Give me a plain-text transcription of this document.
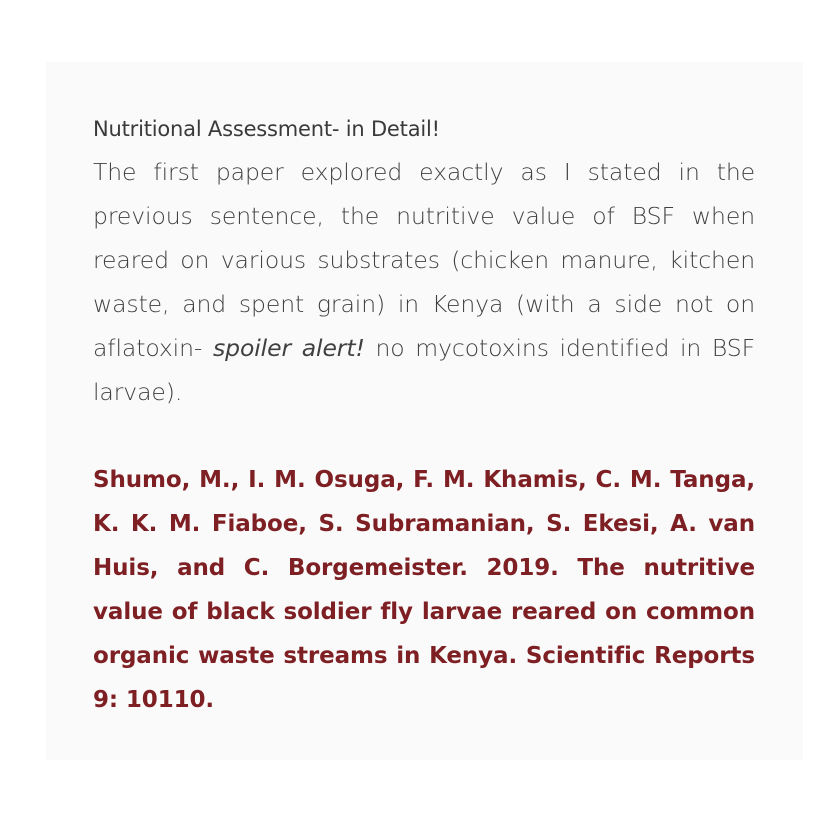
Nutritional Assessment- in Detail!

The first paper explored exactly as I stated in the previous sentence, the nutritive value of BSF when reared on various substrates (chicken manure, kitchen waste, and spent grain) in Kenya (with a side not on aflatoxin- spoiler alert! no mycotoxins identified in BSF larvae).

Shumo, M., I. M. Osuga, F. M. Khamis, C. M. Tanga, K. K. M. Fiaboe, S. Subramanian, S. Ekesi, A. van Huis, and C. Borgemeister. 2019. The nutritive value of black soldier fly larvae reared on common organic waste streams in Kenya. Scientific Reports 9: 10110.
